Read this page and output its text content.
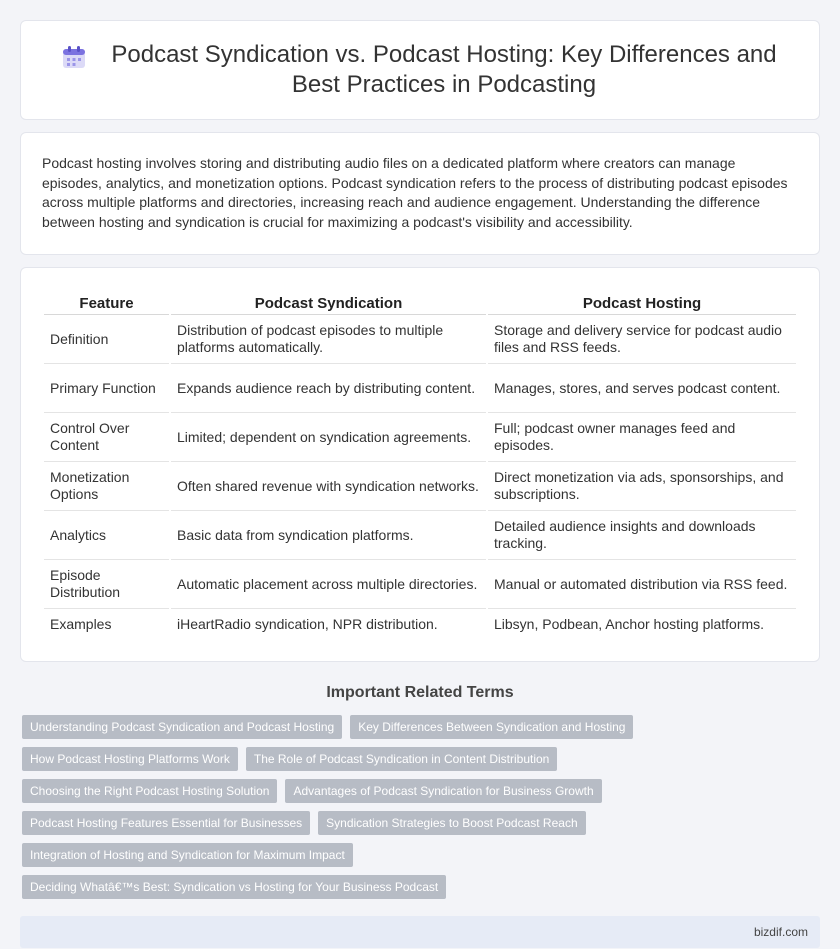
Podcast Syndication vs. Podcast Hosting: Key Differences and Best Practices in Podcasting

Podcast hosting involves storing and distributing audio files on a dedicated platform where creators can manage episodes, analytics, and monetization options. Podcast syndication refers to the process of distributing podcast episodes across multiple platforms and directories, increasing reach and audience engagement. Understanding the difference between hosting and syndication is crucial for maximizing a podcast's visibility and accessibility.

Feature	Podcast Syndication	Podcast Hosting
Definition	Distribution of podcast episodes to multiple platforms automatically.	Storage and delivery service for podcast audio files and RSS feeds.
Primary Function	Expands audience reach by distributing content.	Manages, stores, and serves podcast content.
Control Over Content	Limited; dependent on syndication agreements.	Full; podcast owner manages feed and episodes.
Monetization Options	Often shared revenue with syndication networks.	Direct monetization via ads, sponsorships, and subscriptions.
Analytics	Basic data from syndication platforms.	Detailed audience insights and downloads tracking.
Episode Distribution	Automatic placement across multiple directories.	Manual or automated distribution via RSS feed.
Examples	iHeartRadio syndication, NPR distribution.	Libsyn, Podbean, Anchor hosting platforms.
Important Related Terms
Understanding Podcast Syndication and Podcast Hosting	Key Differences Between Syndication and Hosting
How Podcast Hosting Platforms Work	The Role of Podcast Syndication in Content Distribution
Choosing the Right Podcast Hosting Solution	Advantages of Podcast Syndication for Business Growth
Podcast Hosting Features Essential for Businesses	Syndication Strategies to Boost Podcast Reach
Integration of Hosting and Syndication for Maximum Impact
Deciding Whatâ€™s Best: Syndication vs Hosting for Your Business Podcast
bizdif.com
